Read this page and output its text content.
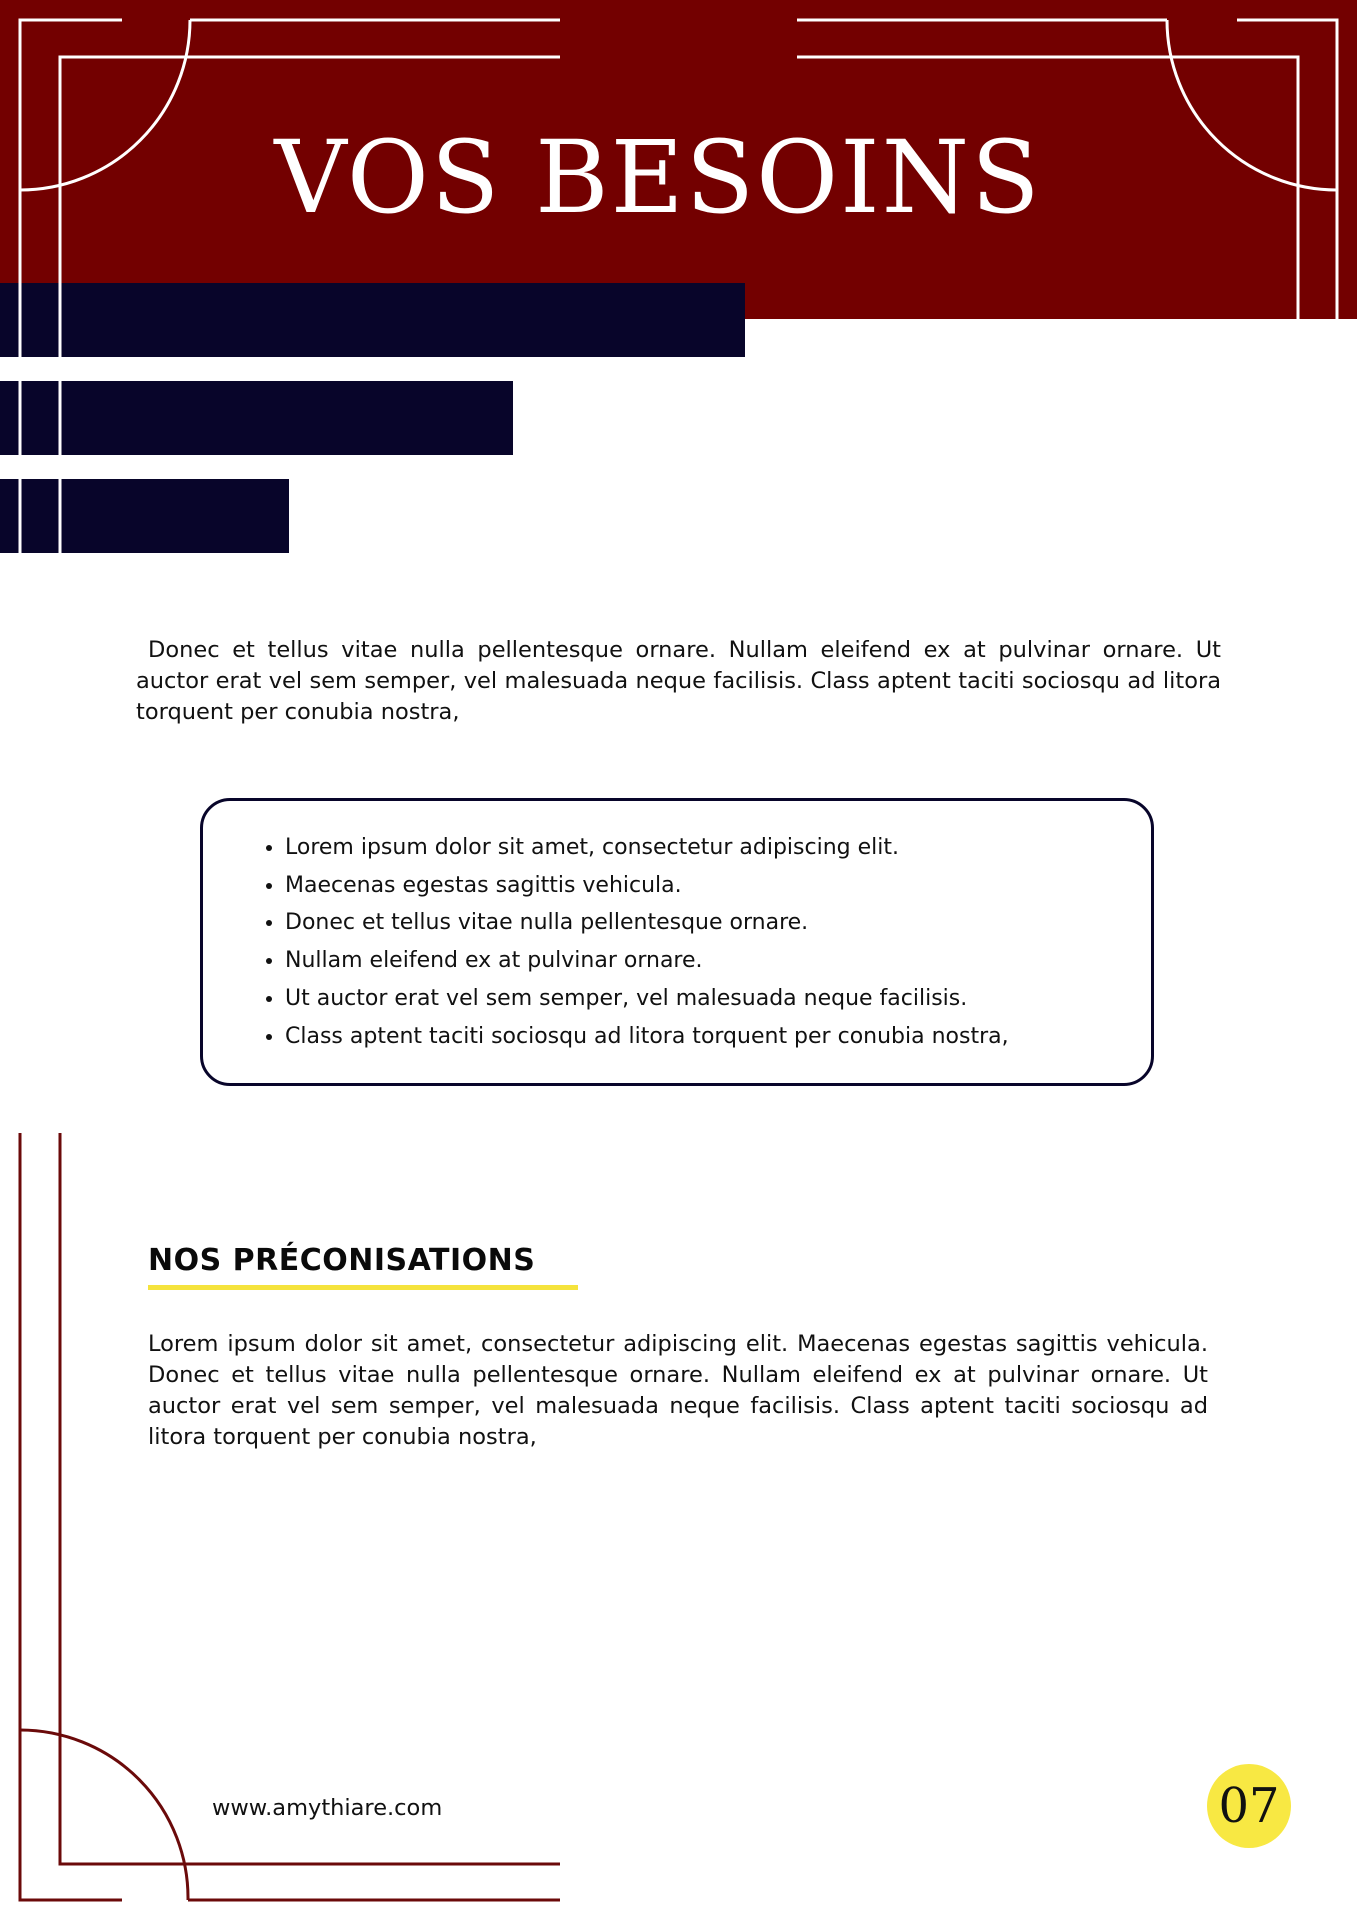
VOS BESOINS

Donec et tellus vitae nulla pellentesque ornare. Nullam eleifend ex at pulvinar ornare. Ut auctor erat vel sem semper, vel malesuada neque facilisis. Class aptent taciti sociosqu ad litora torquent per conubia nostra,

• Lorem ipsum dolor sit amet, consectetur adipiscing elit.
• Maecenas egestas sagittis vehicula.
• Donec et tellus vitae nulla pellentesque ornare.
• Nullam eleifend ex at pulvinar ornare.
• Ut auctor erat vel sem semper, vel malesuada neque facilisis.
• Class aptent taciti sociosqu ad litora torquent per conubia nostra,
NOS PRÉCONISATIONS

Lorem ipsum dolor sit amet, consectetur adipiscing elit. Maecenas egestas sagittis vehicula. Donec et tellus vitae nulla pellentesque ornare. Nullam eleifend ex at pulvinar ornare. Ut auctor erat vel sem semper, vel malesuada neque facilisis. Class aptent taciti sociosqu ad litora torquent per conubia nostra,

www.amythiare.com	07
